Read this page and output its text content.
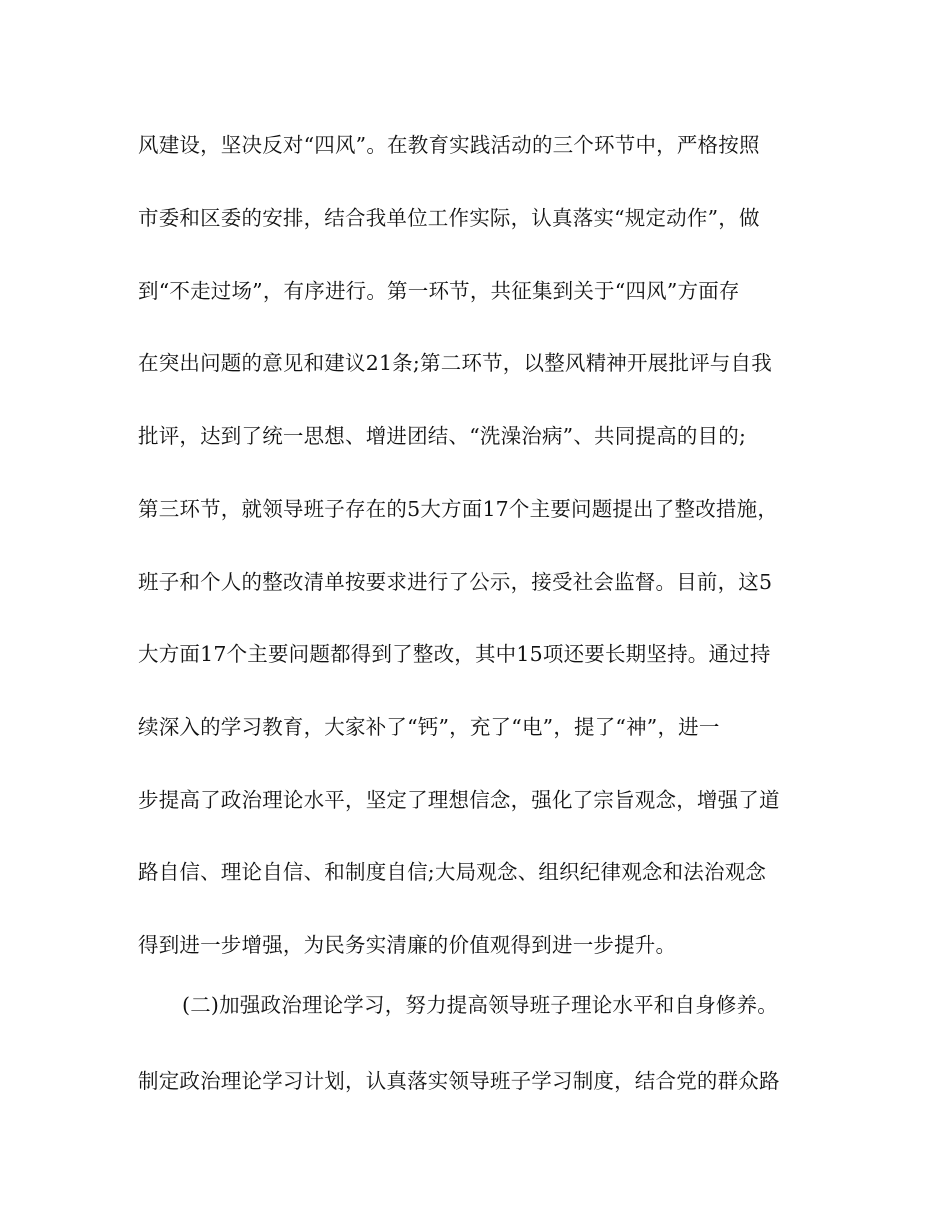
风建设，坚决反对“四风”。在教育实践活动的三个环节中，严格按照
市委和区委的安排，结合我单位工作实际，认真落实“规定动作”，做
到“不走过场”，有序进行。第一环节，共征集到关于“四风”方面存
在突出问题的意见和建议21条;第二环节，以整风精神开展批评与自我
批评，达到了统一思想、增进团结、“洗澡治病”、共同提高的目的;
第三环节，就领导班子存在的5大方面17个主要问题提出了整改措施，
班子和个人的整改清单按要求进行了公示，接受社会监督。目前，这5
大方面17个主要问题都得到了整改，其中15项还要长期坚持。通过持
续深入的学习教育，大家补了“钙”，充了“电”，提了“神”，进一
步提高了政治理论水平，坚定了理想信念，强化了宗旨观念，增强了道
路自信、理论自信、和制度自信;大局观念、组织纪律观念和法治观念
得到进一步增强，为民务实清廉的价值观得到进一步提升。
(二)加强政治理论学习，努力提高领导班子理论水平和自身修养。
制定政治理论学习计划，认真落实领导班子学习制度，结合党的群众路
